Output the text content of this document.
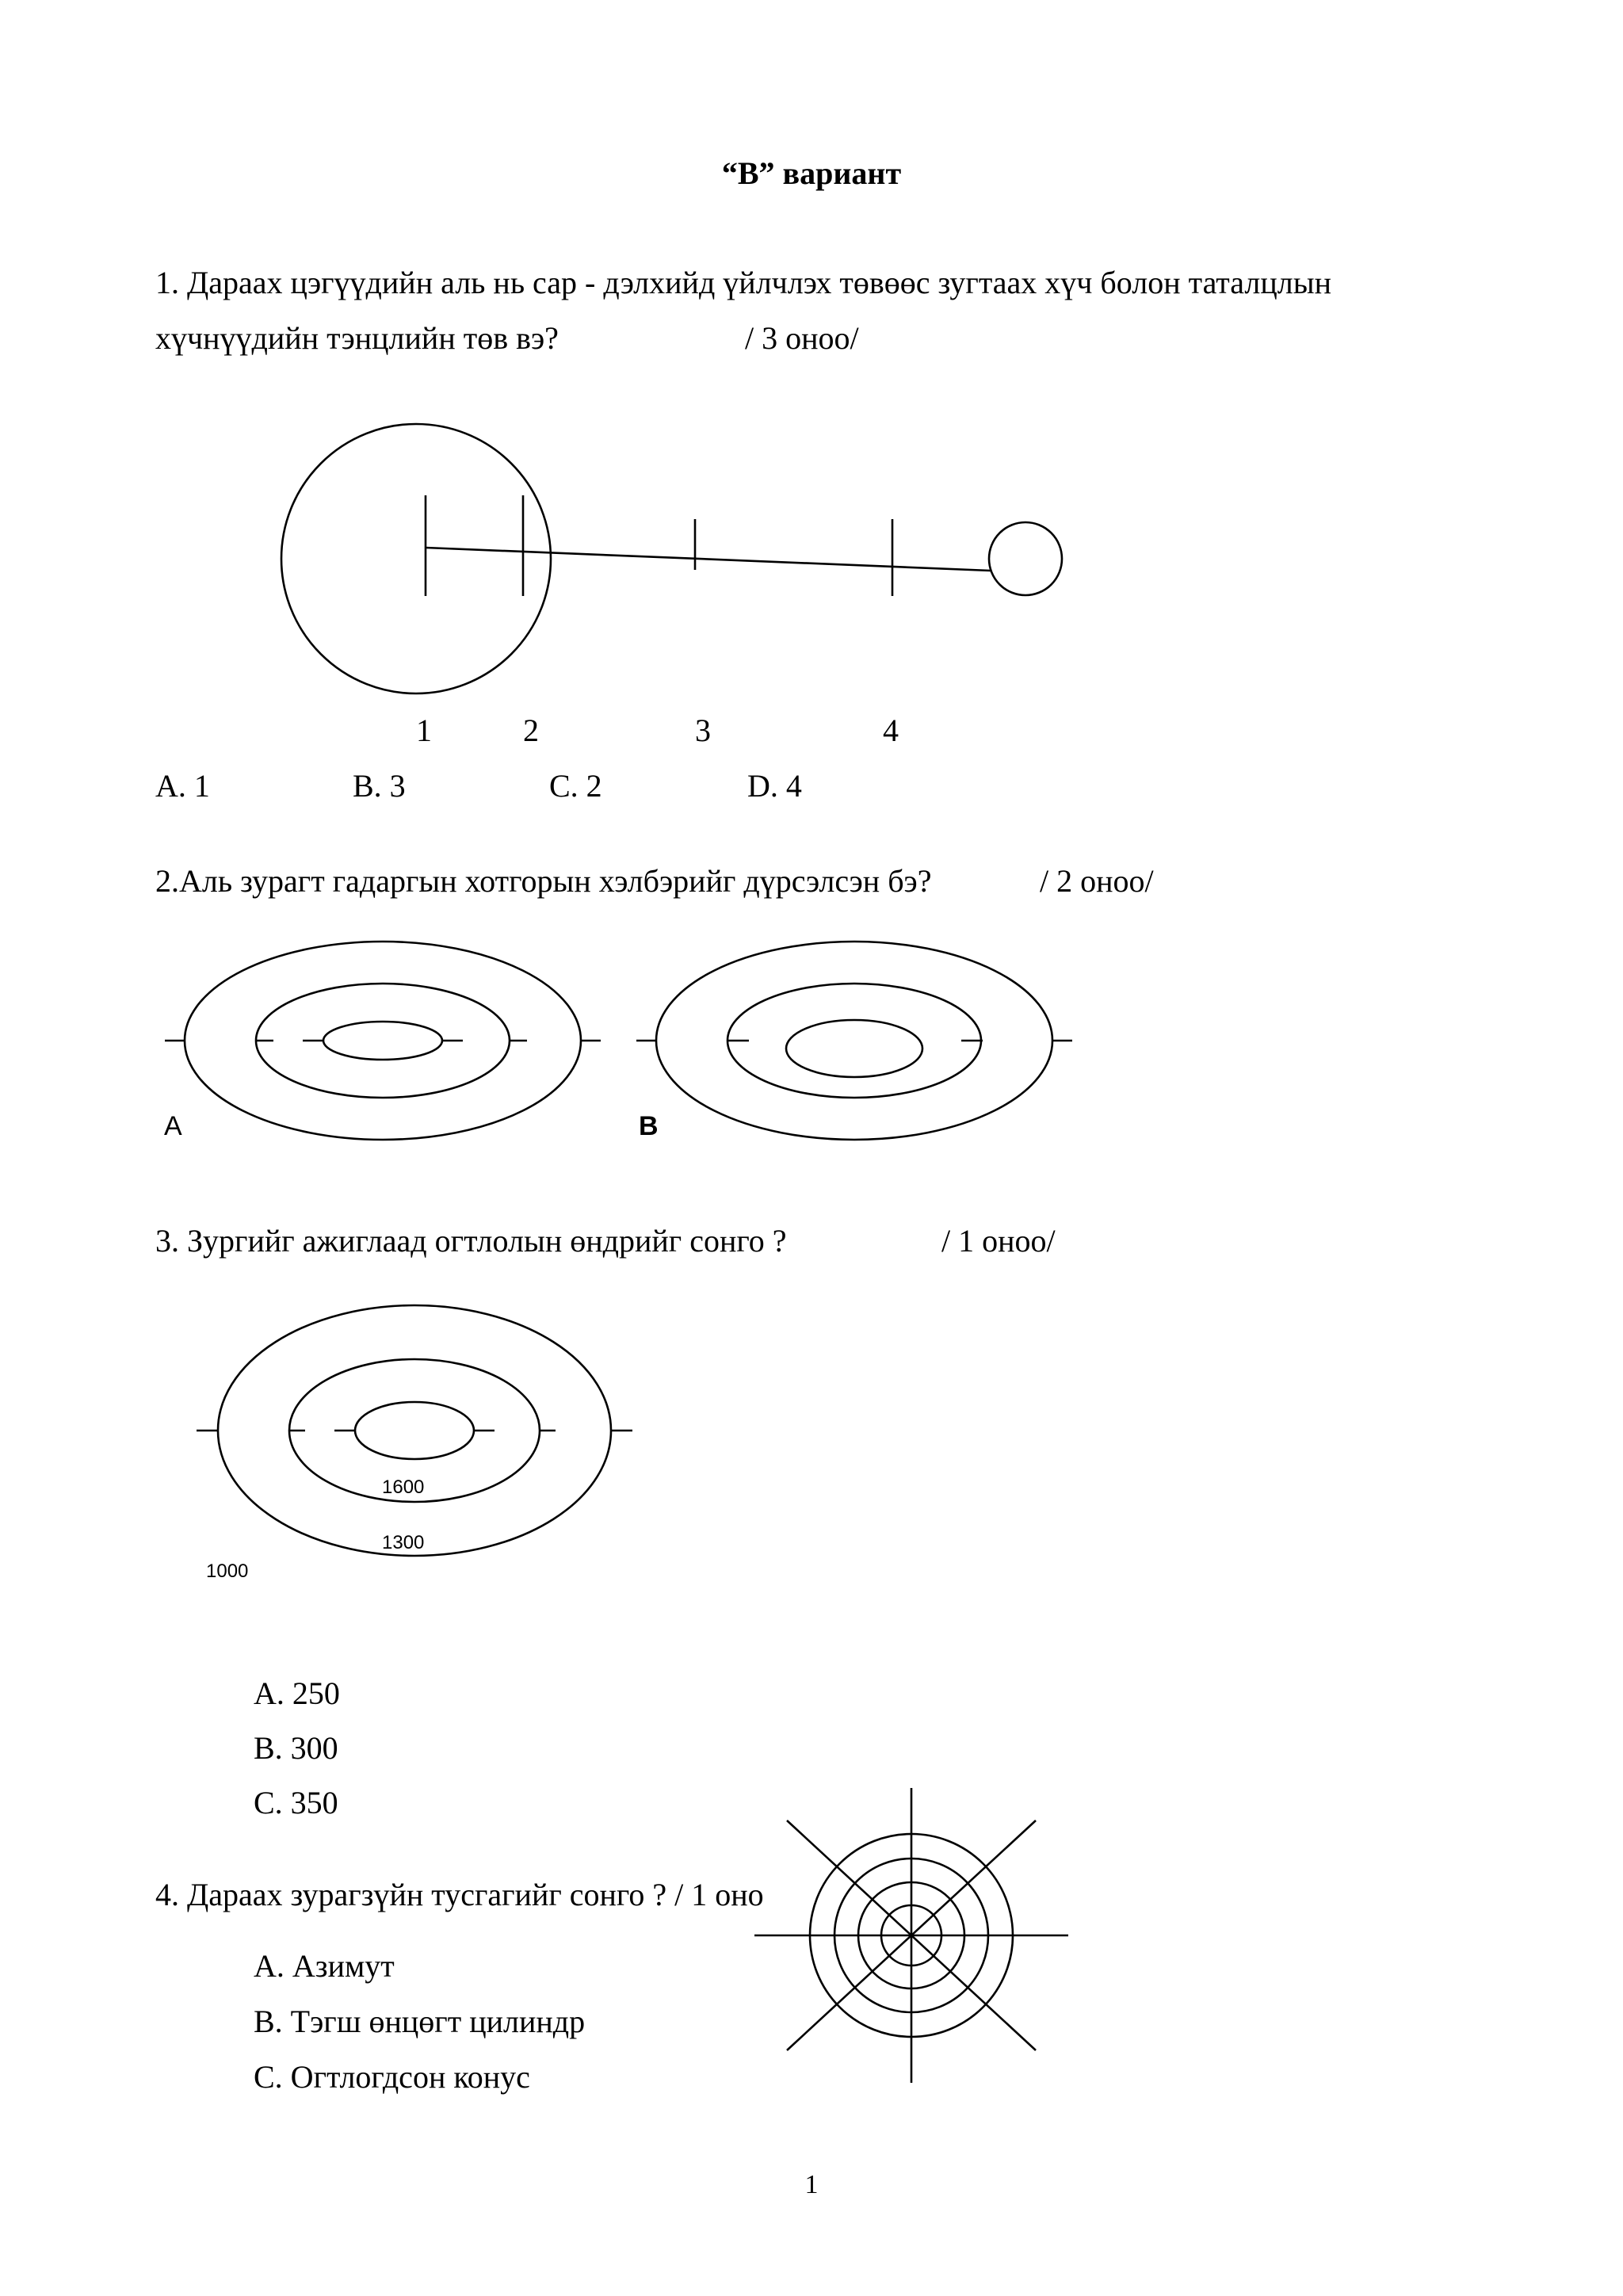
“B” вариант
1. Дараах цэгүүдийн аль нь сар - дэлхийд үйлчлэх төвөөс зугтаах хүч болон таталцлын
хүчнүүдийн тэнцлийн төв вэ?	/ 3 оноо/
1	2	3	4
A. 1	B. 3	C. 2	D. 4
2.Аль зурагт гадаргын хотгорын хэлбэрийг дүрсэлсэн бэ?	/ 2 оноо/
A	B
3. Зургийг ажиглаад огтлолын өндрийг сонго ?	/ 1 оноо/
1600
1300
1000
A. 250
B. 300
C. 350
4. Дараах зурагзүйн тусгагийг сонго ? / 1 оно
A. Азимут
B. Тэгш өнцөгт цилиндр
C. Огтлогдсон конус
1
